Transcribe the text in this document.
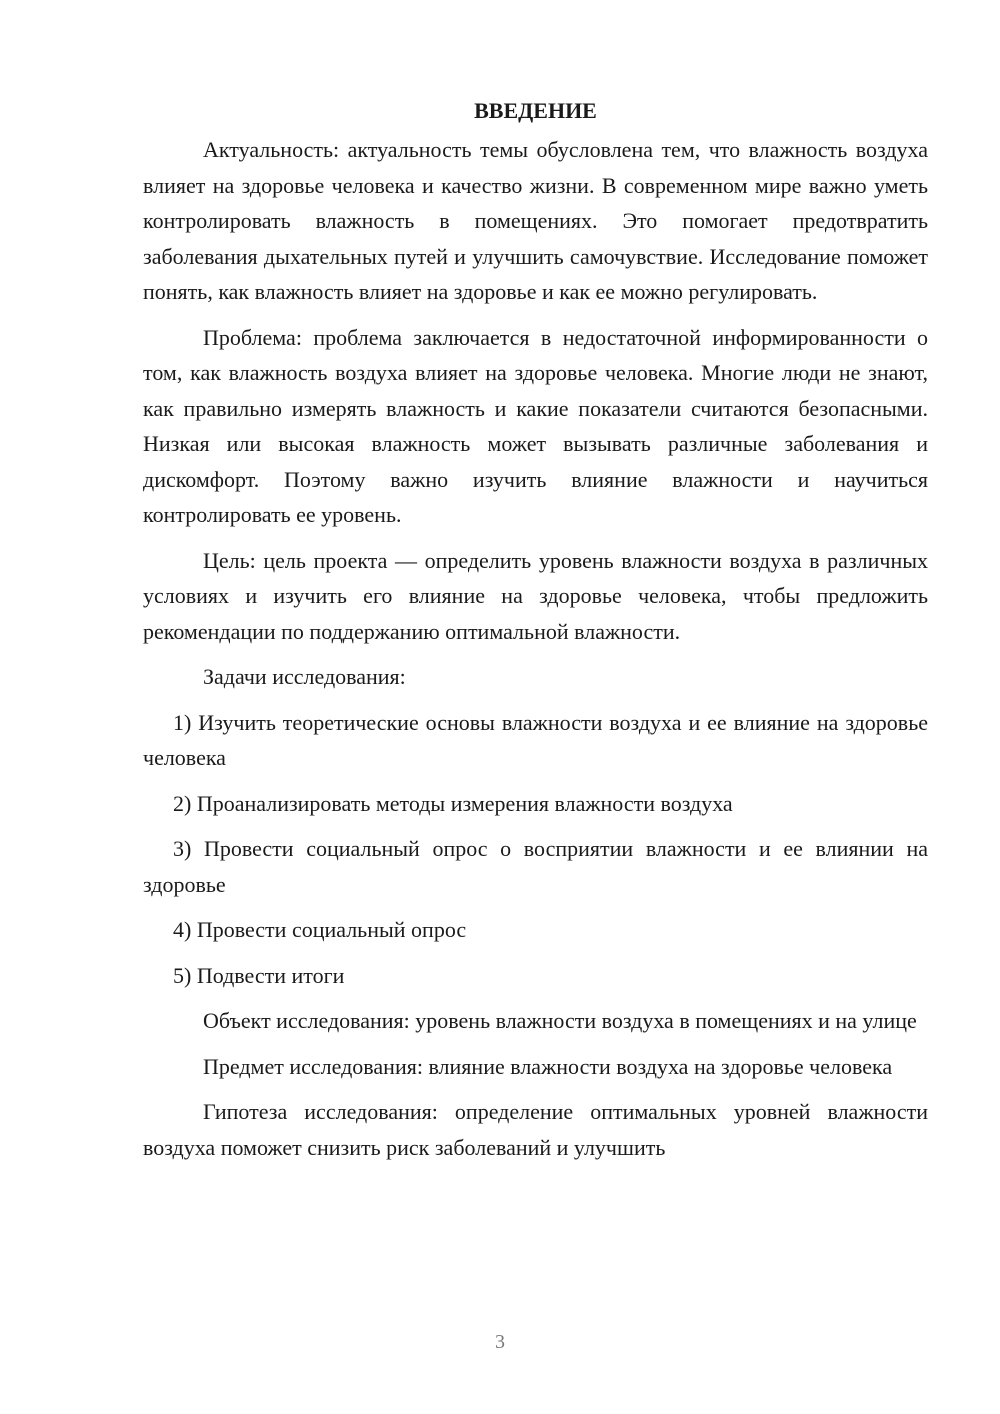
ВВЕДЕНИЕ

Актуальность: актуальность темы обусловлена тем, что влажность воздуха влияет на здоровье человека и качество жизни. В современном мире важно уметь контролировать влажность в помещениях. Это помогает предотвратить заболевания дыхательных путей и улучшить самочувствие. Исследование поможет понять, как влажность влияет на здоровье и как ее можно регулировать.

Проблема: проблема заключается в недостаточной информированности о том, как влажность воздуха влияет на здоровье человека. Многие люди не знают, как правильно измерять влажность и какие показатели считаются безопасными. Низкая или высокая влажность может вызывать различные заболевания и дискомфорт. Поэтому важно изучить влияние влажности и научиться контролировать ее уровень.

Цель: цель проекта — определить уровень влажности воздуха в различных условиях и изучить его влияние на здоровье человека, чтобы предложить рекомендации по поддержанию оптимальной влажности.

Задачи исследования:

1) Изучить теоретические основы влажности воздуха и ее влияние на здоровье человека

2) Проанализировать методы измерения влажности воздуха

3) Провести социальный опрос о восприятии влажности и ее влиянии на здоровье

4) Провести социальный опрос

5) Подвести итоги

Объект исследования: уровень влажности воздуха в помещениях и на улице

Предмет исследования: влияние влажности воздуха на здоровье человека

Гипотеза исследования: определение оптимальных уровней влажности воздуха поможет снизить риск заболеваний и улучшить

3
